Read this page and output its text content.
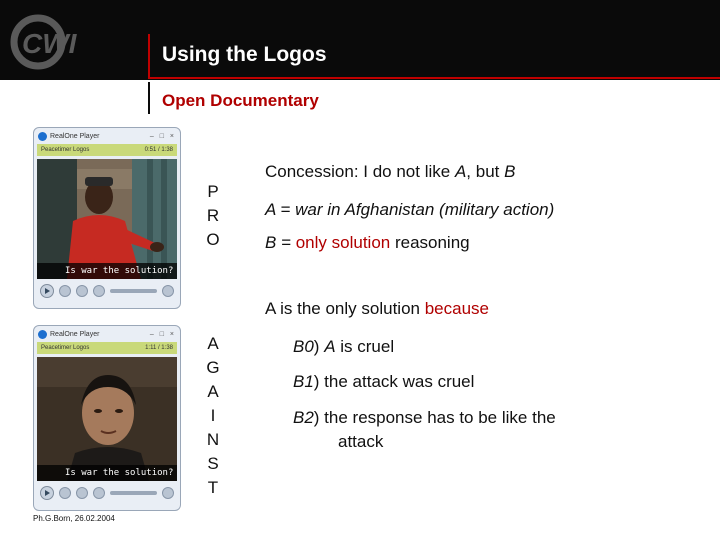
CWI	Using the Logos
Open Documentary
RealOne Player	– □ ×
Peacetimer Logos	0:51 / 1:38
Is war the solution?
RealOne Player	– □ ×
Peacetimer Logos	1:11 / 1:38
Is war the solution?
P
R
O
A
G
A
I
N
S
T

Concession: I do not like A, but B

A = war in Afghanistan (military action)

B = only solution reasoning

A is the only solution because

B0) A is cruel

B1) the attack was cruel

B2) the response has to be like the

attack

Ph.G.Born, 26.02.2004
